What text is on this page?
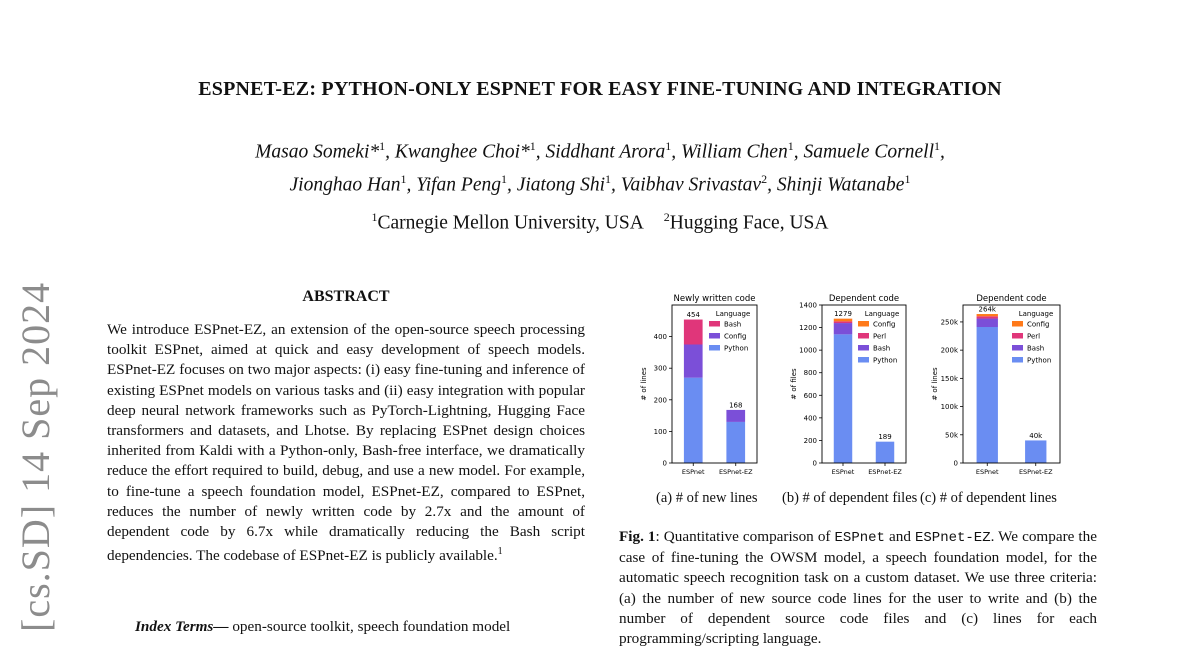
[cs.SD] 14 Sep 2024
ESPNET-EZ: PYTHON-ONLY ESPNET FOR EASY FINE-TUNING AND INTEGRATION
Masao Someki*$^1$, Kwanghee Choi*$^1$, Siddhant Arora$^1$, William Chen$^1$, Samuele Cornell$^1$,
Jionghao Han$^1$, Yifan Peng$^1$, Jiatong Shi$^1$, Vaibhav Srivastav$^2$, Shinji Watanabe$^1$
$^1$Carnegie Mellon University, USA $^2$Hugging Face, USA
ABSTRACT
We introduce ESPnet-EZ, an extension of the open-source speech processing toolkit ESPnet, aimed at quick and easy development of speech models. ESPnet-EZ focuses on two major aspects: (i) easy fine-tuning and inference of existing ESPnet models on various tasks and (ii) easy integration with popular deep neural network frameworks such as PyTorch-Lightning, Hugging Face transformers and datasets, and Lhotse. By replacing ESPnet design choices inherited from Kaldi with a Python-only, Bash-free interface, we dramatically reduce the effort required to build, debug, and use a new model. For example, to fine-tune a speech foundation model, ESPnet-EZ, compared to ESPnet, reduces the number of newly written code by 2.7x and the amount of dependent code by 6.7x while dramatically reducing the Bash script dependencies. The codebase of ESPnet-EZ is publicly available.$^1$
Index Terms— open-source toolkit, speech foundation model
Newly written code
# of lines
0
100
200
300
400
454
ESPnet
168
ESPnet-EZ
Language
Bash
Config
Python
Dependent code
# of files
0
200
400
600
800
1000
1200
1400
1279
ESPnet
189
ESPnet-EZ
Language
Config
Perl
Bash
Python
Dependent code
# of lines
0
50k
100k
150k
200k
250k
264k
ESPnet
40k
ESPnet-EZ
Language
Config
Perl
Bash
Python
(a) # of new lines (b) # of dependent files (c) # of dependent lines
Fig. 1: Quantitative comparison of ESPnet and ESPnet-EZ. We compare the case of fine-tuning the OWSM model, a speech foundation model, for the automatic speech recognition task on a custom dataset. We use three criteria: (a) the number of new source code lines for the user to write and (b) the number of dependent source code files and (c) lines for each programming/scripting language.
